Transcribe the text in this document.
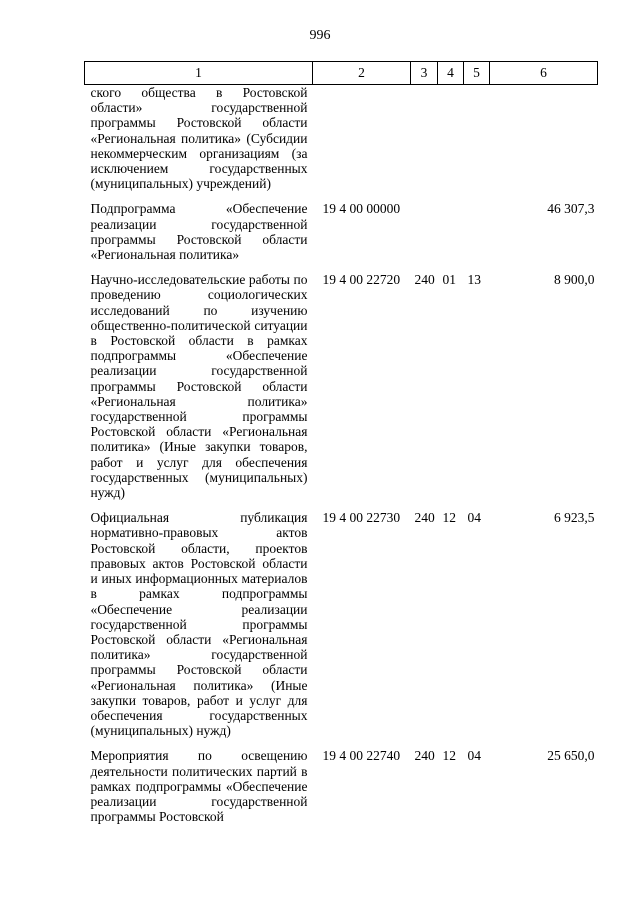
996
1	2	3	4	5	6
ского общества в Ростовской области» государственной программы Ростовской области «Региональная политика» (Субсидии некоммерческим организациям (за исключением государственных (муниципальных) учреждений)					

Подпрограмма «Обеспечение реализации государственной программы Ростовской области «Региональная политика»	19 4 00 00000				46 307,3

Научно-исследовательские работы по проведению социологических исследований по изучению общественно-политической ситуации в Ростовской области в рамках подпрограммы «Обеспечение реализации государственной программы Ростовской области «Региональная политика» государственной программы Ростовской области «Региональная политика» (Иные закупки товаров, работ и услуг для обеспечения государственных (муниципальных) нужд)	19 4 00 22720	240	01	13	8 900,0

Официальная публикация нормативно-правовых актов Ростовской области, проектов правовых актов Ростовской области и иных информационных материалов в рамках подпрограммы «Обеспечение реализации государственной программы Ростовской области «Региональная политика» государственной программы Ростовской области «Региональная политика» (Иные закупки товаров, работ и услуг для обеспечения государственных (муниципальных) нужд)	19 4 00 22730	240	12	04	6 923,5

Мероприятия по освещению деятельности политических партий в рамках подпрограммы «Обеспечение реализации государственной программы Ростовской	19 4 00 22740	240	12	04	25 650,0
